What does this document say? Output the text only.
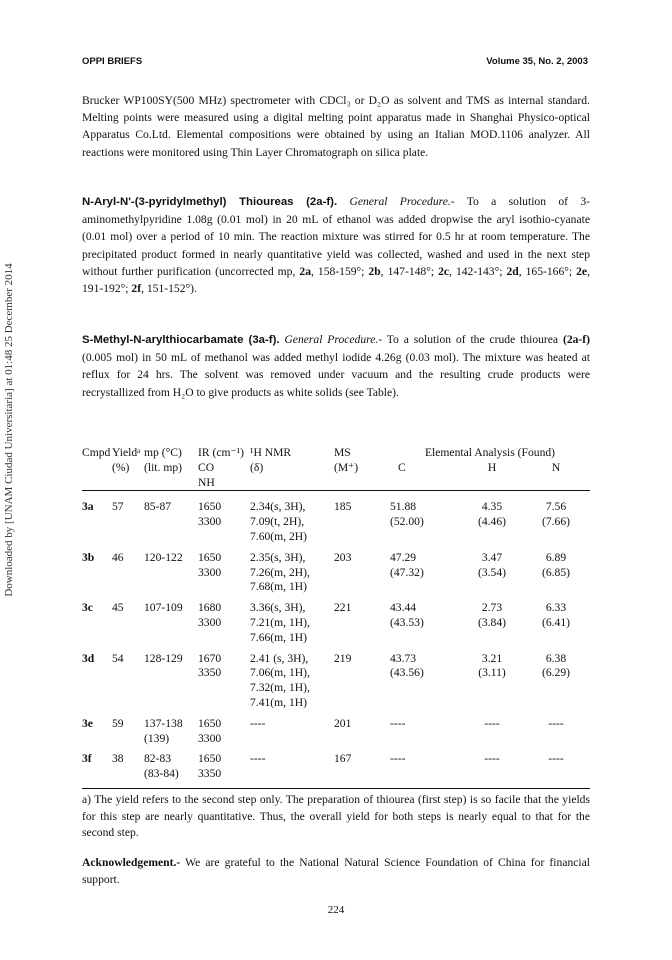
Downloaded by [UNAM Ciudad Universitaria] at 01:48 25 December 2014
OPPI BRIEFS	Volume 35, No. 2, 2003

Brucker WP100SY(500 MHz) spectrometer with CDCl₃ or D₂O as solvent and TMS as internal standard. Melting points were measured using a digital melting point apparatus made in Shanghai Physico-optical Apparatus Co.Ltd. Elemental compositions were obtained by using an Italian MOD.1106 analyzer. All reactions were monitored using Thin Layer Chromatograph on silica plate.

N-Aryl-N'-(3-pyridylmethyl) Thioureas (2a-f). General Procedure.- To a solution of 3-aminomethylpyridine 1.08g (0.01 mol) in 20 mL of ethanol was added dropwise the aryl isothio-cyanate (0.01 mol) over a period of 10 min. The reaction mixture was stirred for 0.5 hr at room temperature. The precipitated product formed in nearly quantitative yield was collected, washed and used in the next step without further purification (uncorrected mp, 2a, 158-159°; 2b, 147-148°; 2c, 142-143°; 2d, 165-166°; 2e, 191-192°; 2f, 151-152°).

S-Methyl-N-arylthiocarbamate (3a-f). General Procedure.- To a solution of the crude thiourea (2a-f) (0.005 mol) in 50 mL of methanol was added methyl iodide 4.26g (0.03 mol). The mixture was heated at reflux for 24 hrs. The solvent was removed under vacuum and the resulting crude products were recrystallized from H₂O to give products as white solids (see Table).

Cmpd	Yieldᵃ	mp (°C)	IR (cm⁻¹)	¹H NMR	MS	Elemental Analysis (Found)		
	(%)	(lit. mp)	CO	(δ)	(M⁺)	C	H	N
			NH					
3a	57	85-87	1650	2.34(s, 3H),	185	51.88	4.35	7.56
			3300	7.09(t, 2H),		(52.00)	(4.46)	(7.66)
				7.60(m, 2H)				
3b	46	120-122	1650	2.35(s, 3H),	203	47.29	3.47	6.89
			3300	7.26(m, 2H),		(47.32)	(3.54)	(6.85)
				7.68(m, 1H)				
3c	45	107-109	1680	3.36(s, 3H),	221	43.44	2.73	6.33
			3300	7.21(m, 1H),		(43.53)	(3.84)	(6.41)
				7.66(m, 1H)				
3d	54	128-129	1670	2.41 (s, 3H),	219	43.73	3.21	6.38
			3350	7.06(m, 1H),		(43.56)	(3.11)	(6.29)
				7.32(m, 1H),				
				7.41(m, 1H)				
3e	59	137-138	1650	----	201	----	----	----
		(139)	3300					
3f	38	82-83	1650	----	167	----	----	----
		(83-84)	3350					

a) The yield refers to the second step only. The preparation of thiourea (first step) is so facile that the yields for this step are nearly quantitative. Thus, the overall yield for both steps is nearly equal to that for the second step.

Acknowledgement.- We are grateful to the National Natural Science Foundation of China for financial support.

224
